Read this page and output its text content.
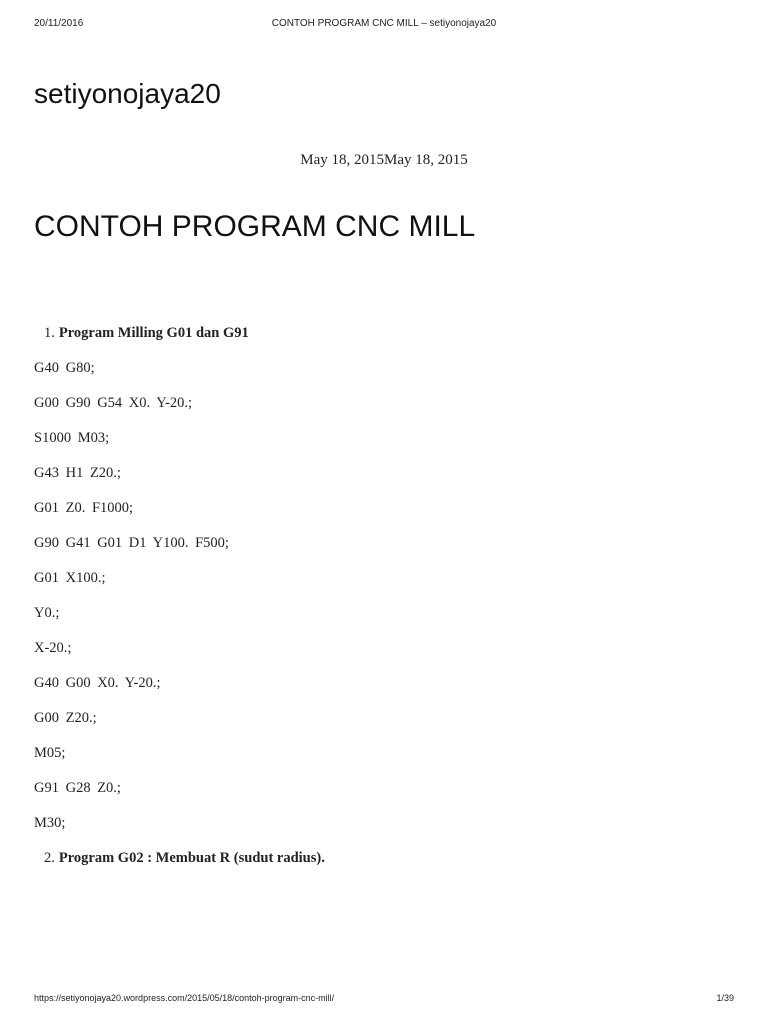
20/11/2016	CONTOH PROGRAM CNC MILL – setiyonojaya20
setiyonojaya20
May 18, 2015May 18, 2015
CONTOH PROGRAM CNC MILL
1. Program Milling G01 dan G91
G40 G80;
G00 G90 G54 X0. Y-20.;
S1000 M03;
G43 H1 Z20.;
G01 Z0. F1000;
G90 G41 G01 D1 Y100. F500;
G01 X100.;
Y0.;
X-20.;
G40 G00 X0. Y-20.;
G00 Z20.;
M05;
G91 G28 Z0.;
M30;
2. Program G02 : Membuat R (sudut radius).
https://setiyonojaya20.wordpress.com/2015/05/18/contoh-program-cnc-mill/	1/39
